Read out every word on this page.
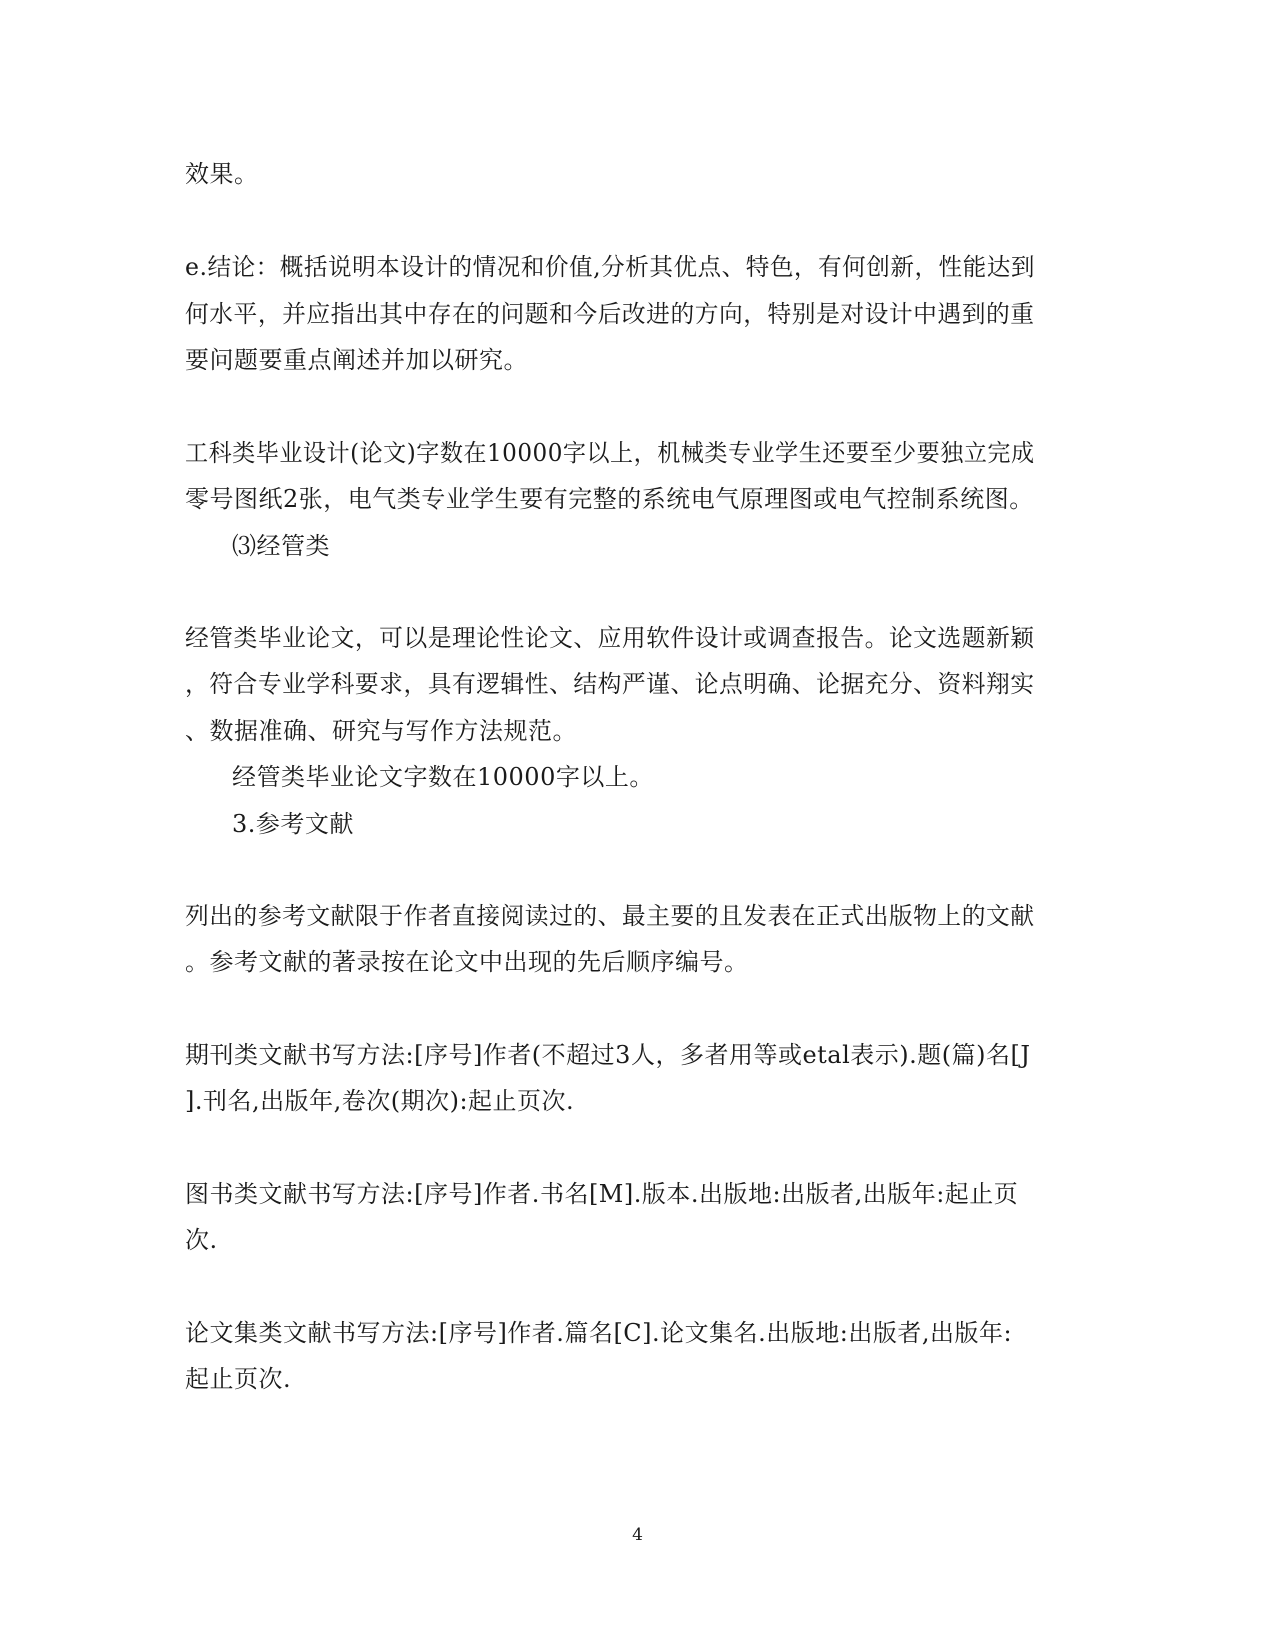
效果。
e.结论：概括说明本设计的情况和价值,分析其优点、特色，有何创新，性能达到
何水平，并应指出其中存在的问题和今后改进的方向，特别是对设计中遇到的重
要问题要重点阐述并加以研究。
工科类毕业设计(论文)字数在10000字以上，机械类专业学生还要至少要独立完成
零号图纸2张，电气类专业学生要有完整的系统电气原理图或电气控制系统图。
⑶经管类
经管类毕业论文，可以是理论性论文、应用软件设计或调查报告。论文选题新颖
，符合专业学科要求，具有逻辑性、结构严谨、论点明确、论据充分、资料翔实
、数据准确、研究与写作方法规范。
经管类毕业论文字数在10000字以上。
3.参考文献
列出的参考文献限于作者直接阅读过的、最主要的且发表在正式出版物上的文献
。参考文献的著录按在论文中出现的先后顺序编号。
期刊类文献书写方法:[序号]作者(不超过3人，多者用等或etal表示).题(篇)名[J
].刊名,出版年,卷次(期次):起止页次.
图书类文献书写方法:[序号]作者.书名[M].版本.出版地:出版者,出版年:起止页
次.
论文集类文献书写方法:[序号]作者.篇名[C].论文集名.出版地:出版者,出版年:
起止页次.
4
